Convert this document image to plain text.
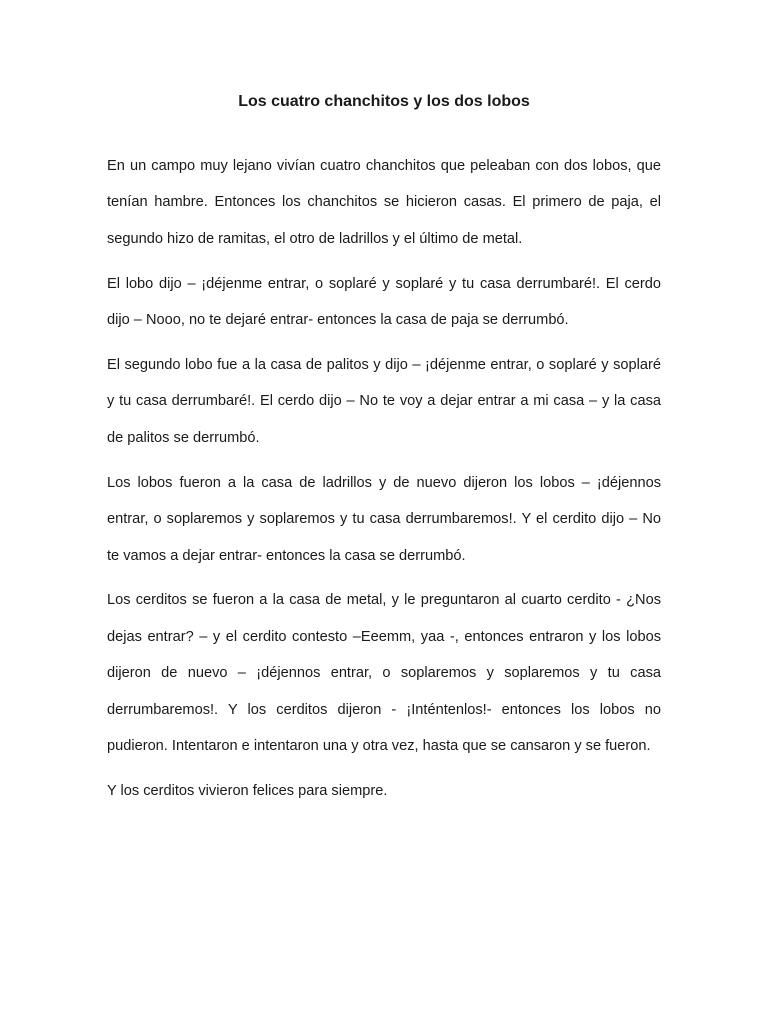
Los cuatro chanchitos y los dos lobos

En un campo muy lejano vivían cuatro chanchitos que peleaban con dos lobos, que tenían hambre. Entonces los chanchitos se hicieron casas. El primero de paja, el segundo hizo de ramitas, el otro de ladrillos y el último de metal.

El lobo dijo – ¡déjenme entrar, o soplaré y soplaré y tu casa derrumbaré!. El cerdo dijo – Nooo, no te dejaré entrar- entonces la casa de paja se derrumbó.

El segundo lobo fue a la casa de palitos y dijo – ¡déjenme entrar, o soplaré y soplaré y tu casa derrumbaré!. El cerdo dijo – No te voy a dejar entrar a mi casa – y la casa de palitos se derrumbó.

Los lobos fueron a la casa de ladrillos y de nuevo dijeron los lobos – ¡déjennos entrar, o soplaremos y soplaremos y tu casa derrumbaremos!. Y el cerdito dijo – No te vamos a dejar entrar- entonces la casa se derrumbó.

Los cerditos se fueron a la casa de metal, y le preguntaron al cuarto cerdito - ¿Nos dejas entrar? – y el cerdito contesto –Eeemm, yaa -, entonces entraron y los lobos dijeron de nuevo – ¡déjennos entrar, o soplaremos y soplaremos y tu casa derrumbaremos!. Y los cerditos dijeron - ¡Inténtenlos!- entonces los lobos no pudieron. Intentaron e intentaron una y otra vez, hasta que se cansaron y se fueron.

Y los cerditos vivieron felices para siempre.
